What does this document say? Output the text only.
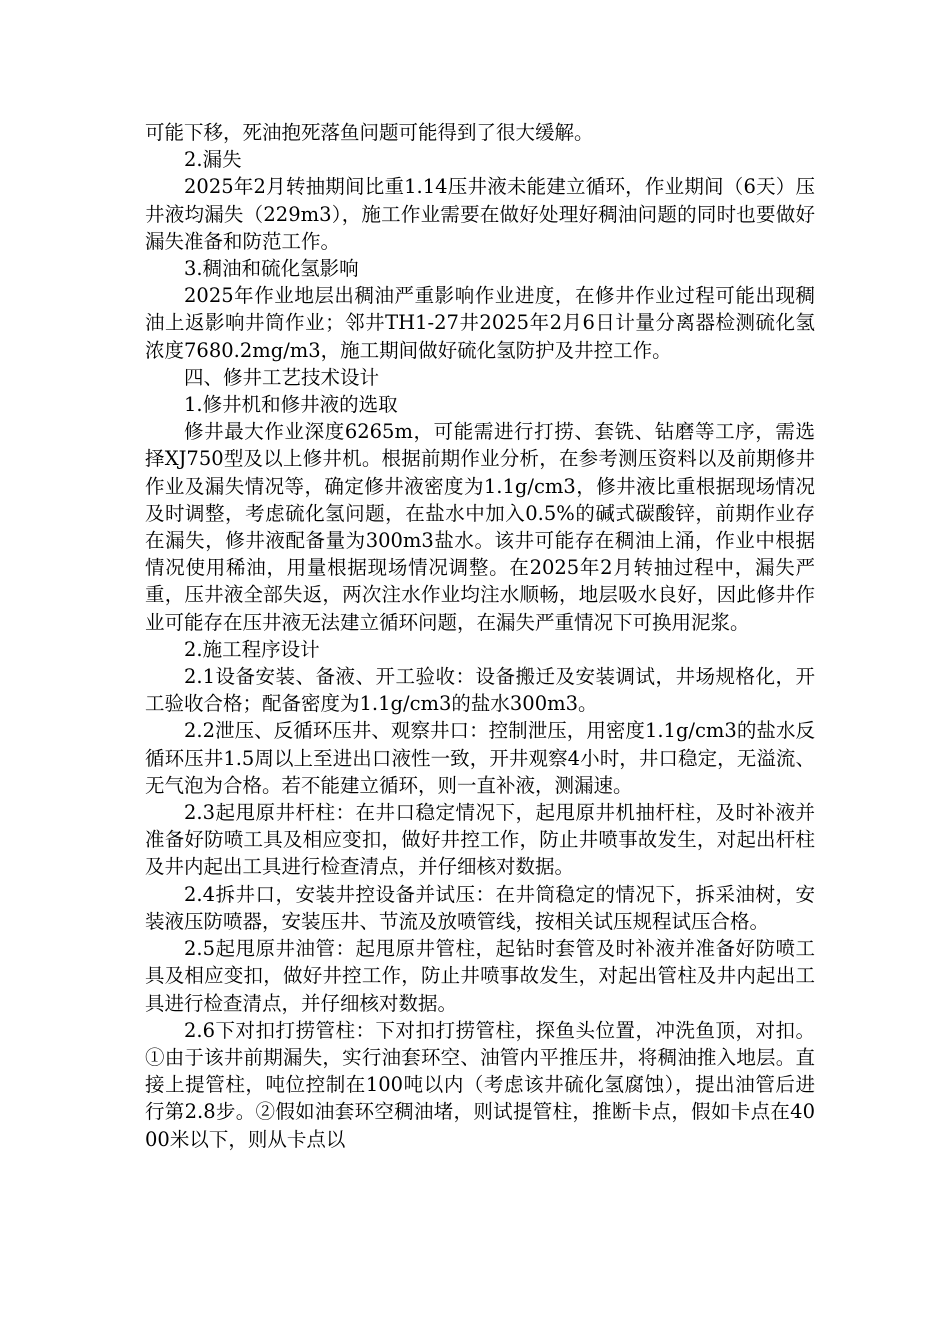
可能下移，死油抱死落鱼问题可能得到了很大缓解。

2.漏失

2025年2月转抽期间比重1.14压井液未能建立循环，作业期间（6天）压井液均漏失（229m3），施工作业需要在做好处理好稠油问题的同时也要做好漏失准备和防范工作。

3.稠油和硫化氢影响

2025年作业地层出稠油严重影响作业进度，在修井作业过程可能出现稠油上返影响井筒作业；邻井TH1-27井2025年2月6日计量分离器检测硫化氢浓度7680.2mg/m3，施工期间做好硫化氢防护及井控工作。

四、修井工艺技术设计

1.修井机和修井液的选取

修井最大作业深度6265m，可能需进行打捞、套铣、钻磨等工序，需选择XJ750型及以上修井机。根据前期作业分析，在参考测压资料以及前期修井作业及漏失情况等，确定修井液密度为1.1g/cm3，修井液比重根据现场情况及时调整，考虑硫化氢问题，在盐水中加入0.5%的碱式碳酸锌，前期作业存在漏失，修井液配备量为300m3盐水。该井可能存在稠油上涌，作业中根据情况使用稀油，用量根据现场情况调整。在2025年2月转抽过程中，漏失严重，压井液全部失返，两次注水作业均注水顺畅，地层吸水良好，因此修井作业可能存在压井液无法建立循环问题，在漏失严重情况下可换用泥浆。

2.施工程序设计

2.1设备安装、备液、开工验收：设备搬迁及安装调试，井场规格化，开工验收合格；配备密度为1.1g/cm3的盐水300m3。

2.2泄压、反循环压井、观察井口：控制泄压，用密度1.1g/cm3的盐水反循环压井1.5周以上至进出口液性一致，开井观察4小时，井口稳定，无溢流、无气泡为合格。若不能建立循环，则一直补液，测漏速。

2.3起甩原井杆柱：在井口稳定情况下，起甩原井机抽杆柱，及时补液并准备好防喷工具及相应变扣，做好井控工作，防止井喷事故发生，对起出杆柱及井内起出工具进行检查清点，并仔细核对数据。

2.4拆井口，安装井控设备并试压：在井筒稳定的情况下，拆采油树，安装液压防喷器，安装压井、节流及放喷管线，按相关试压规程试压合格。

2.5起甩原井油管：起甩原井管柱，起钻时套管及时补液并准备好防喷工具及相应变扣，做好井控工作，防止井喷事故发生，对起出管柱及井内起出工具进行检查清点，并仔细核对数据。

2.6下对扣打捞管柱：下对扣打捞管柱，探鱼头位置，冲洗鱼顶，对扣。①由于该井前期漏失，实行油套环空、油管内平推压井，将稠油推入地层。直接上提管柱，吨位控制在100吨以内（考虑该井硫化氢腐蚀），提出油管后进行第2.8步。②假如油套环空稠油堵，则试提管柱，推断卡点，假如卡点在4000米以下，则从卡点以
